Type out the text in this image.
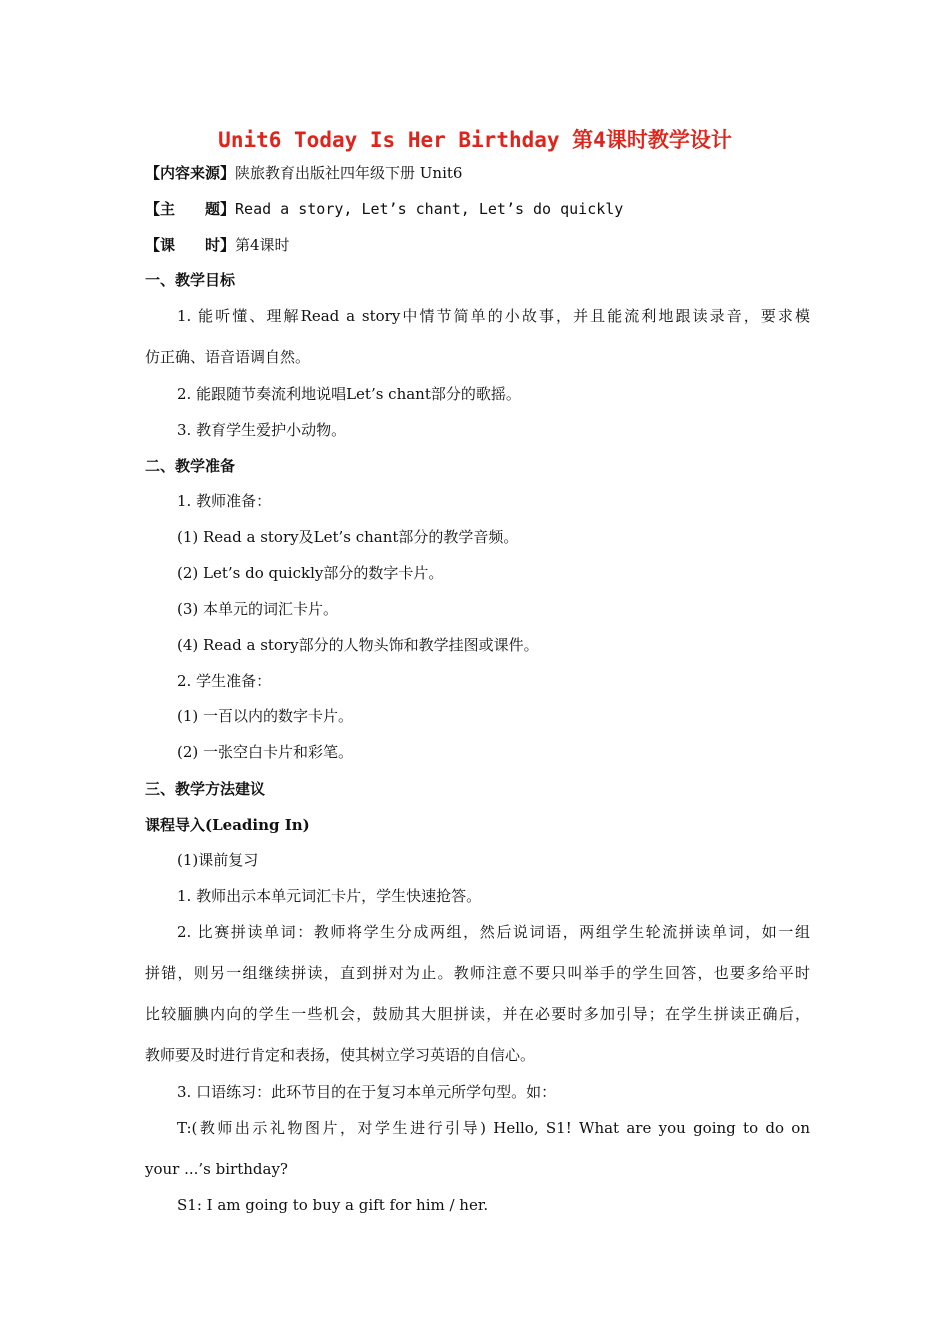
Unit6 Today Is Her Birthday 第4课时教学设计
【内容来源】陕旅教育出版社四年级下册 Unit6
【主　　题】Read a story, Let’s chant, Let’s do quickly
【课　　时】第4课时
一、教学目标
1. 能听懂、理解Read a story中情节简单的小故事，并且能流利地跟读录音，要求模
仿正确、语音语调自然。
2. 能跟随节奏流利地说唱Let’s chant部分的歌摇。
3. 教育学生爱护小动物。
二、教学准备
1. 教师准备：
(1) Read a story及Let’s chant部分的教学音频。
(2) Let’s do quickly部分的数字卡片。
(3) 本单元的词汇卡片。
(4) Read a story部分的人物头饰和教学挂图或课件。
2. 学生准备：
(1) 一百以内的数字卡片。
(2) 一张空白卡片和彩笔。
三、教学方法建议
课程导入(Leading In)
(1)课前复习
1. 教师出示本单元词汇卡片，学生快速抢答。
2. 比赛拼读单词：教师将学生分成两组，然后说词语，两组学生轮流拼读单词，如一组
拼错，则另一组继续拼读，直到拼对为止。教师注意不要只叫举手的学生回答，也要多给平时
比较腼腆内向的学生一些机会，鼓励其大胆拼读，并在必要时多加引导；在学生拼读正确后，
教师要及时进行肯定和表扬，使其树立学习英语的自信心。
3. 口语练习：此环节目的在于复习本单元所学句型。如：
T:(教师出示礼物图片，对学生进行引导) Hello, S1! What are you going to do on
your ...’s birthday?
S1: I am going to buy a gift for him / her.
